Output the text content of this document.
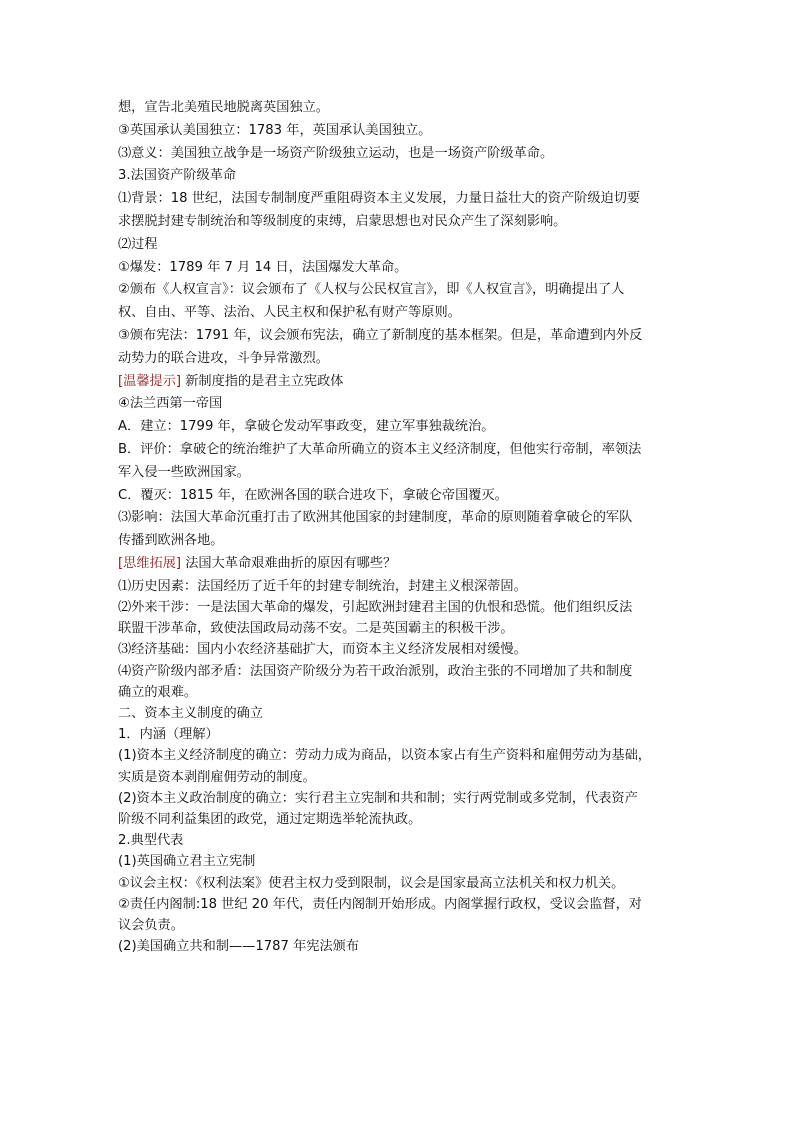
想，宣告北美殖民地脱离英国独立。
③英国承认美国独立：1783 年，英国承认美国独立。
⑶意义：美国独立战争是一场资产阶级独立运动，也是一场资产阶级革命。
3.法国资产阶级革命
⑴背景：18 世纪，法国专制制度严重阻碍资本主义发展，力量日益壮大的资产阶级迫切要
求摆脱封建专制统治和等级制度的束缚，启蒙思想也对民众产生了深刻影响。
⑵过程
①爆发：1789 年 7 月 14 日，法国爆发大革命。
②颁布《人权宣言》：议会颁布了《人权与公民权宣言》，即《人权宣言》，明确提出了人
权、自由、平等、法治、人民主权和保护私有财产等原则。
③颁布宪法：1791 年，议会颁布宪法，确立了新制度的基本框架。但是，革命遭到内外反
动势力的联合进攻，斗争异常激烈。
[温馨提示] 新制度指的是君主立宪政体
④法兰西第一帝国
A．建立：1799 年，拿破仑发动军事政变，建立军事独裁统治。
B．评价：拿破仑的统治维护了大革命所确立的资本主义经济制度，但他实行帝制，率领法
军入侵一些欧洲国家。
C．覆灭：1815 年，在欧洲各国的联合进攻下，拿破仑帝国覆灭。
⑶影响：法国大革命沉重打击了欧洲其他国家的封建制度，革命的原则随着拿破仑的军队
传播到欧洲各地。
[思维拓展] 法国大革命艰难曲折的原因有哪些？
⑴历史因素：法国经历了近千年的封建专制统治，封建主义根深蒂固。
⑵外来干涉：一是法国大革命的爆发，引起欧洲封建君主国的仇恨和恐慌。他们组织反法
联盟干涉革命，致使法国政局动荡不安。二是英国霸主的积极干涉。
⑶经济基础：国内小农经济基础扩大，而资本主义经济发展相对缓慢。
⑷资产阶级内部矛盾：法国资产阶级分为若干政治派别，政治主张的不同增加了共和制度
确立的艰难。
二、资本主义制度的确立
1．内涵（理解）
(1)资本主义经济制度的确立：劳动力成为商品，以资本家占有生产资料和雇佣劳动为基础，
实质是资本剥削雇佣劳动的制度。
(2)资本主义政治制度的确立：实行君主立宪制和共和制；实行两党制或多党制，代表资产
阶级不同利益集团的政党，通过定期选举轮流执政。
2.典型代表
(1)英国确立君主立宪制
①议会主权：《权利法案》使君主权力受到限制，议会是国家最高立法机关和权力机关。
②责任内阁制:18 世纪 20 年代，责任内阁制开始形成。内阁掌握行政权，受议会监督，对
议会负责。
(2)美国确立共和制——1787 年宪法颁布
